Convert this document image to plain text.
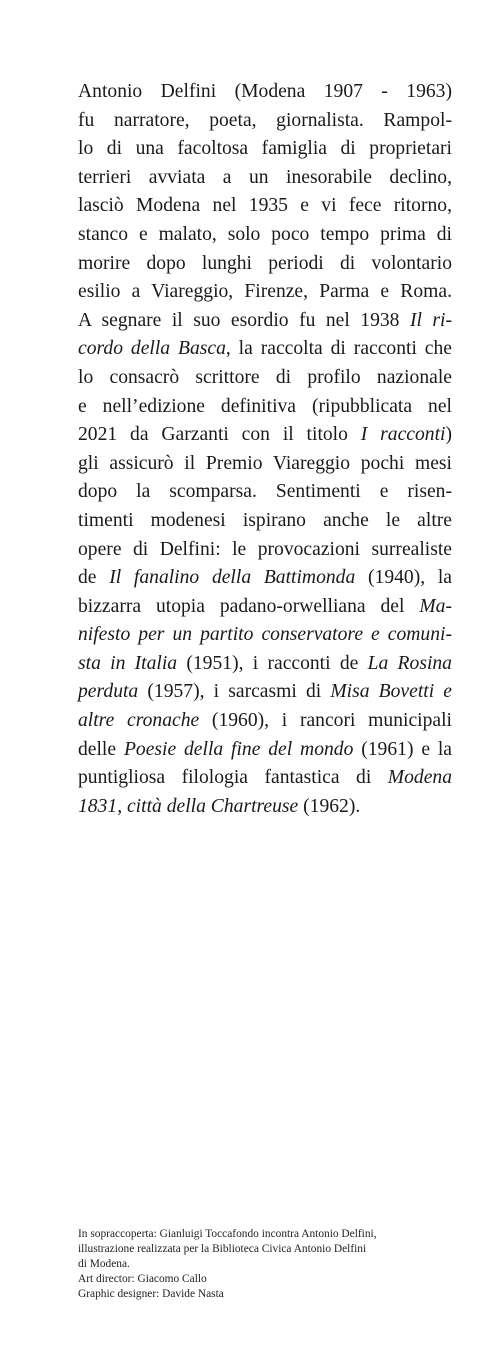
Antonio Delfini (Modena 1907 - 1963)
fu narratore, poeta, giornalista. Rampol-
lo di una facoltosa famiglia di proprietari
terrieri avviata a un inesorabile declino,
lasciò Modena nel 1935 e vi fece ritorno,
stanco e malato, solo poco tempo prima di
morire dopo lunghi periodi di volontario
esilio a Viareggio, Firenze, Parma e Roma.
A segnare il suo esordio fu nel 1938 Il ri-
cordo della Basca, la raccolta di racconti che
lo consacrò scrittore di profilo nazionale
e nell’edizione definitiva (ripubblicata nel
2021 da Garzanti con il titolo I racconti)
gli assicurò il Premio Viareggio pochi mesi
dopo la scomparsa. Sentimenti e risen-
timenti modenesi ispirano anche le altre
opere di Delfini: le provocazioni surrealiste
de Il fanalino della Battimonda (1940), la
bizzarra utopia padano-orwelliana del Ma-
nifesto per un partito conservatore e comuni-
sta in Italia (1951), i racconti de La Rosina
perduta (1957), i sarcasmi di Misa Bovetti e
altre cronache (1960), i rancori municipali
delle Poesie della fine del mondo (1961) e la
puntigliosa filologia fantastica di Modena
1831, città della Chartreuse (1962).
In sopraccoperta: Gianluigi Toccafondo incontra Antonio Delfini,
illustrazione realizzata per la Biblioteca Civica Antonio Delfini
di Modena.
Art director: Giacomo Callo
Graphic designer: Davide Nasta
